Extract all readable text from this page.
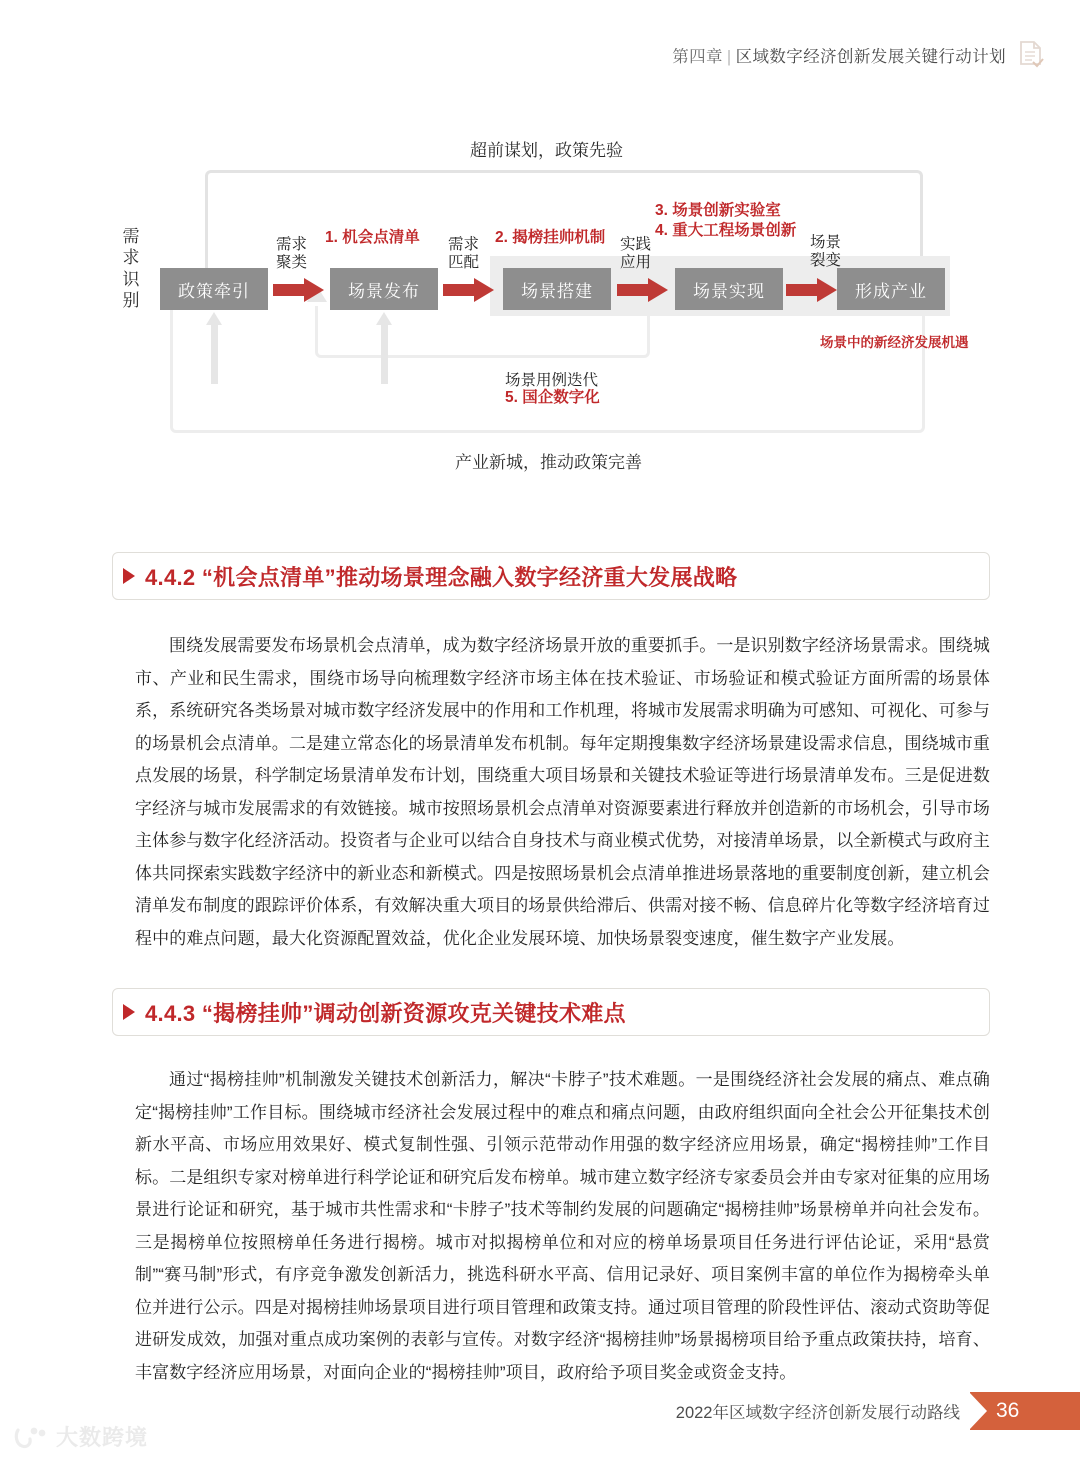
第四章 | 区域数字经济创新发展关键行动计划
超前谋划，政策先验
产业新城，推动政策完善
需求识别	政策牵引	场景发布	场景搭建	场景实现	形成产业
需求
聚类
需求
匹配
实践
应用
场景
裂变
1. 机会点清单	2. 揭榜挂帅机制
3. 场景创新实验室
4. 重大工程场景创新
场景用例迭代
5. 国企数字化
场景中的新经济发展机遇
4.4.2 “机会点清单”推动场景理念融入数字经济重大发展战略
围绕发展需要发布场景机会点清单，成为数字经济场景开放的重要抓手。一是识别数字经济场景需求。围绕城市、产业和民生需求，围绕市场导向梳理数字经济市场主体在技术验证、市场验证和模式验证方面所需的场景体系，系统研究各类场景对城市数字经济发展中的作用和工作机理，将城市发展需求明确为可感知、可视化、可参与的场景机会点清单。二是建立常态化的场景清单发布机制。每年定期搜集数字经济场景建设需求信息，围绕城市重点发展的场景，科学制定场景清单发布计划，围绕重大项目场景和关键技术验证等进行场景清单发布。三是促进数字经济与城市发展需求的有效链接。城市按照场景机会点清单对资源要素进行释放并创造新的市场机会，引导市场主体参与数字化经济活动。投资者与企业可以结合自身技术与商业模式优势，对接清单场景，以全新模式与政府主体共同探索实践数字经济中的新业态和新模式。四是按照场景机会点清单推进场景落地的重要制度创新，建立机会清单发布制度的跟踪评价体系，有效解决重大项目的场景供给滞后、供需对接不畅、信息碎片化等数字经济培育过程中的难点问题，最大化资源配置效益，优化企业发展环境、加快场景裂变速度，催生数字产业发展。
4.4.3 “揭榜挂帅”调动创新资源攻克关键技术难点
通过“揭榜挂帅”机制激发关键技术创新活力，解决“卡脖子”技术难题。一是围绕经济社会发展的痛点、难点确定“揭榜挂帅”工作目标。围绕城市经济社会发展过程中的难点和痛点问题，由政府组织面向全社会公开征集技术创新水平高、市场应用效果好、模式复制性强、引领示范带动作用强的数字经济应用场景，确定“揭榜挂帅”工作目标。二是组织专家对榜单进行科学论证和研究后发布榜单。城市建立数字经济专家委员会并由专家对征集的应用场景进行论证和研究，基于城市共性需求和“卡脖子”技术等制约发展的问题确定“揭榜挂帅”场景榜单并向社会发布。三是揭榜单位按照榜单任务进行揭榜。城市对拟揭榜单位和对应的榜单场景项目任务进行评估论证，采用“悬赏制”“赛马制”形式，有序竞争激发创新活力，挑选科研水平高、信用记录好、项目案例丰富的单位作为揭榜牵头单位并进行公示。四是对揭榜挂帅场景项目进行项目管理和政策支持。通过项目管理的阶段性评估、滚动式资助等促进研发成效，加强对重点成功案例的表彰与宣传。对数字经济“揭榜挂帅”场景揭榜项目给予重点政策扶持，培育、丰富数字经济应用场景，对面向企业的“揭榜挂帅”项目，政府给予项目奖金或资金支持。
2022年区域数字经济创新发展行动路线 36
大数跨境
